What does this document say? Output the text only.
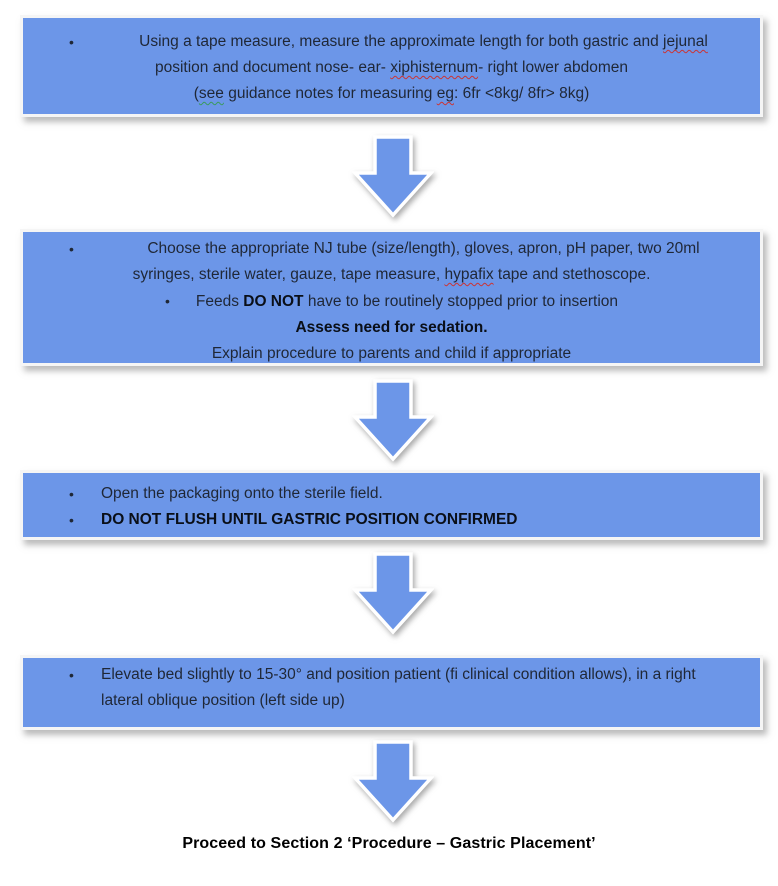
•	Using a tape measure, measure the approximate length for both gastric and jejunal
position and document nose- ear- xiphisternum- right lower abdomen
(see guidance notes for measuring eg: 6fr <8kg/ 8fr> 8kg)
•	Choose the appropriate NJ tube (size/length), gloves, apron, pH paper, two 20ml
syringes, sterile water, gauze, tape measure, hypafix tape and stethoscope.
• Feeds DO NOT have to be routinely stopped prior to insertion
Assess need for sedation.
Explain procedure to parents and child if appropriate
• Open the packaging onto the sterile field.
• DO NOT FLUSH UNTIL GASTRIC POSITION CONFIRMED
• Elevate bed slightly to 15-30° and position patient (fi clinical condition allows), in a right
lateral oblique position (left side up)
Proceed to Section 2 ‘Procedure – Gastric Placement’
